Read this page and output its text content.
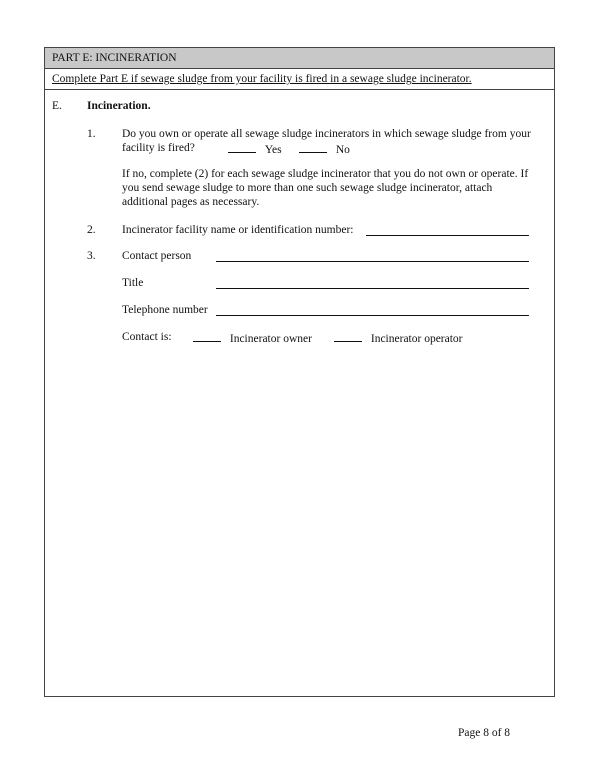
PART E: INCINERATION
Complete Part E if sewage sludge from your facility is fired in a sewage sludge incinerator.
E. Incineration.
1. Do you own or operate all sewage sludge incinerators in which sewage sludge from your
facility is fired?	Yes	No
If no, complete (2) for each sewage sludge incinerator that you do not own or operate. If
you send sewage sludge to more than one such sewage sludge incinerator, attach
additional pages as necessary.
2. Incinerator facility name or identification number:
3. Contact person
Title
Telephone number
Contact is:	Incinerator owner	Incinerator operator
Page 8 of 8
